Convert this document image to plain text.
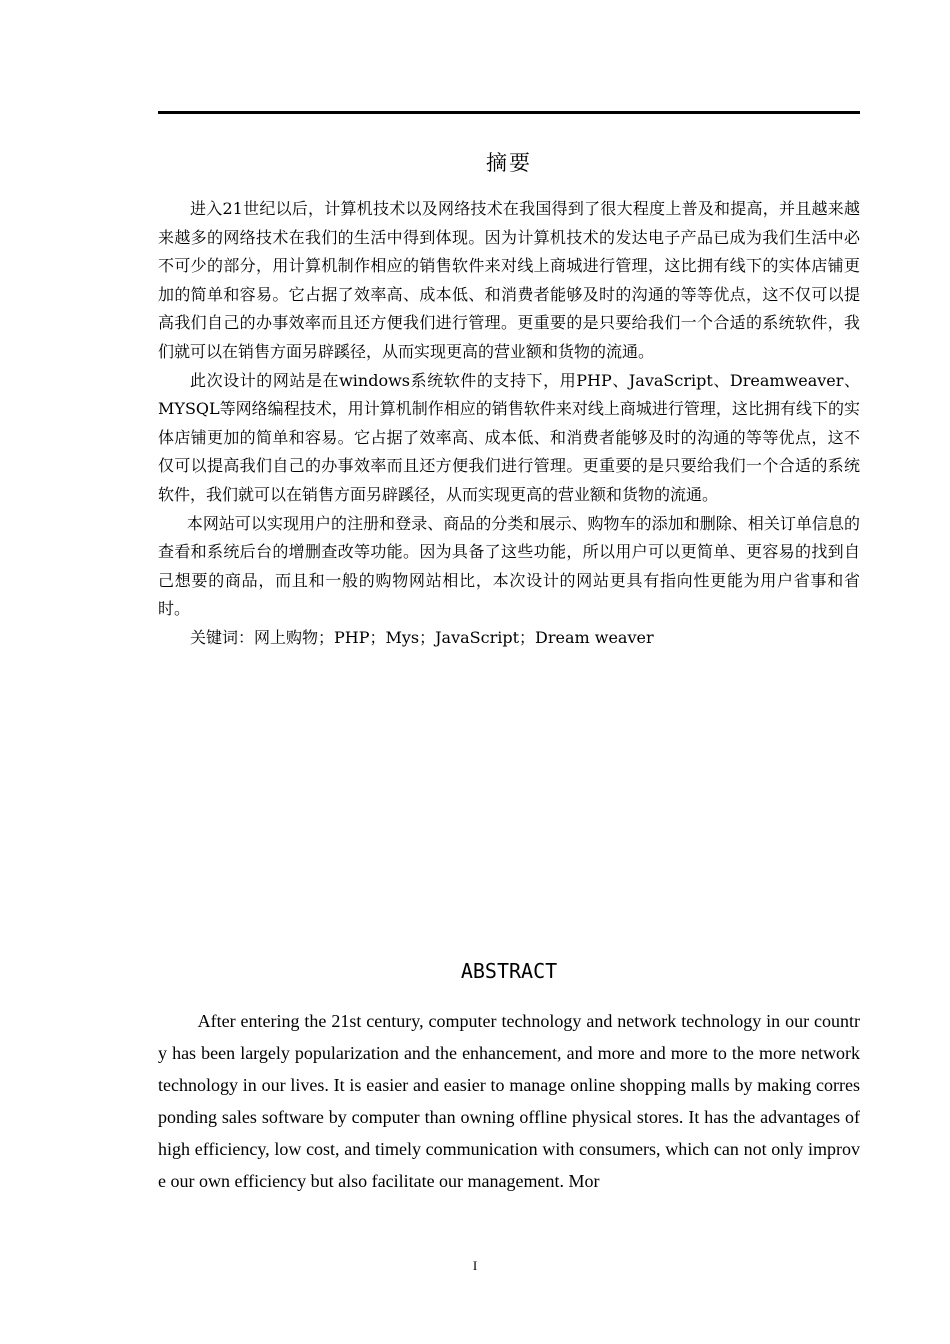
摘要

进入21世纪以后，计算机技术以及网络技术在我国得到了很大程度上普及和提高，并且越来越来越多的网络技术在我们的生活中得到体现。因为计算机技术的发达电子产品已成为我们生活中必不可少的部分，用计算机制作相应的销售软件来对线上商城进行管理，这比拥有线下的实体店铺更加的简单和容易。它占据了效率高、成本低、和消费者能够及时的沟通的等等优点，这不仅可以提高我们自己的办事效率而且还方便我们进行管理。更重要的是只要给我们一个合适的系统软件，我们就可以在销售方面另辟蹊径，从而实现更高的营业额和货物的流通。

此次设计的网站是在windows系统软件的支持下，用PHP、JavaScript、Dreamweaver、MYSQL等网络编程技术，用计算机制作相应的销售软件来对线上商城进行管理，这比拥有线下的实体店铺更加的简单和容易。它占据了效率高、成本低、和消费者能够及时的沟通的等等优点，这不仅可以提高我们自己的办事效率而且还方便我们进行管理。更重要的是只要给我们一个合适的系统软件，我们就可以在销售方面另辟蹊径，从而实现更高的营业额和货物的流通。

本网站可以实现用户的注册和登录、商品的分类和展示、购物车的添加和删除、相关订单信息的查看和系统后台的增删查改等功能。因为具备了这些功能，所以用户可以更简单、更容易的找到自己想要的商品，而且和一般的购物网站相比，本次设计的网站更具有指向性更能为用户省事和省时。

关键词：网上购物；PHP；Mys；JavaScript；Dream weaver

ABSTRACT

After entering the 21st century, computer technology and network technology in our country has been largely popularization and the enhancement, and more and more to the more network technology in our lives. It is easier and easier to manage online shopping malls by making corresponding sales software by computer than owning offline physical stores. It has the advantages of high efficiency, low cost, and timely communication with consumers, which can not only improve our own efficiency but also facilitate our management. Mor

I
